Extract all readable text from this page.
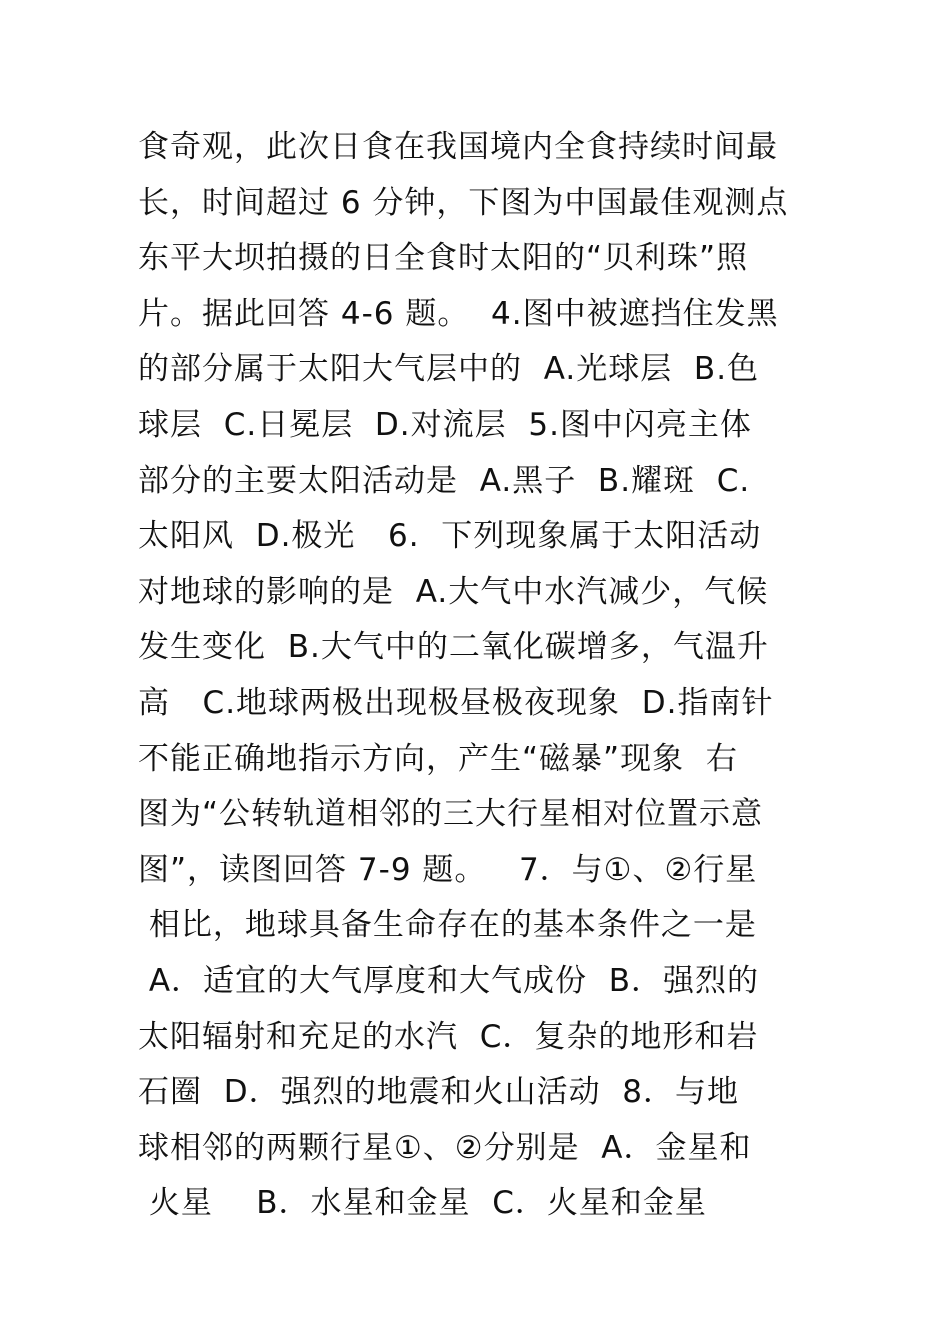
食奇观，此次日食在我国境内全食持续时间最
长，时间超过 6 分钟，下图为中国最佳观测点
东平大坝拍摄的日全食时太阳的“贝利珠”照
片。据此回答 4-6 题。  4.图中被遮挡住发黑
的部分属于太阳大气层中的  A.光球层  B.色
球层  C.日冕层  D.对流层  5.图中闪亮主体
部分的主要太阳活动是  A.黑子  B.耀斑  C.
太阳风  D.极光   6.  下列现象属于太阳活动
对地球的影响的是  A.大气中水汽减少，气候
发生变化  B.大气中的二氧化碳增多，气温升
高   C.地球两极出现极昼极夜现象  D.指南针
不能正确地指示方向，产生“磁暴”现象  右
图为“公转轨道相邻的三大行星相对位置示意
图”，读图回答 7-9 题。   7．与①、②行星
相比，地球具备生命存在的基本条件之一是
A．适宜的大气厚度和大气成份  B．强烈的
太阳辐射和充足的水汽  C．复杂的地形和岩
石圈  D．强烈的地震和火山活动  8．与地
球相邻的两颗行星①、②分别是  A．金星和
火星    B．水星和金星  C．火星和金星
